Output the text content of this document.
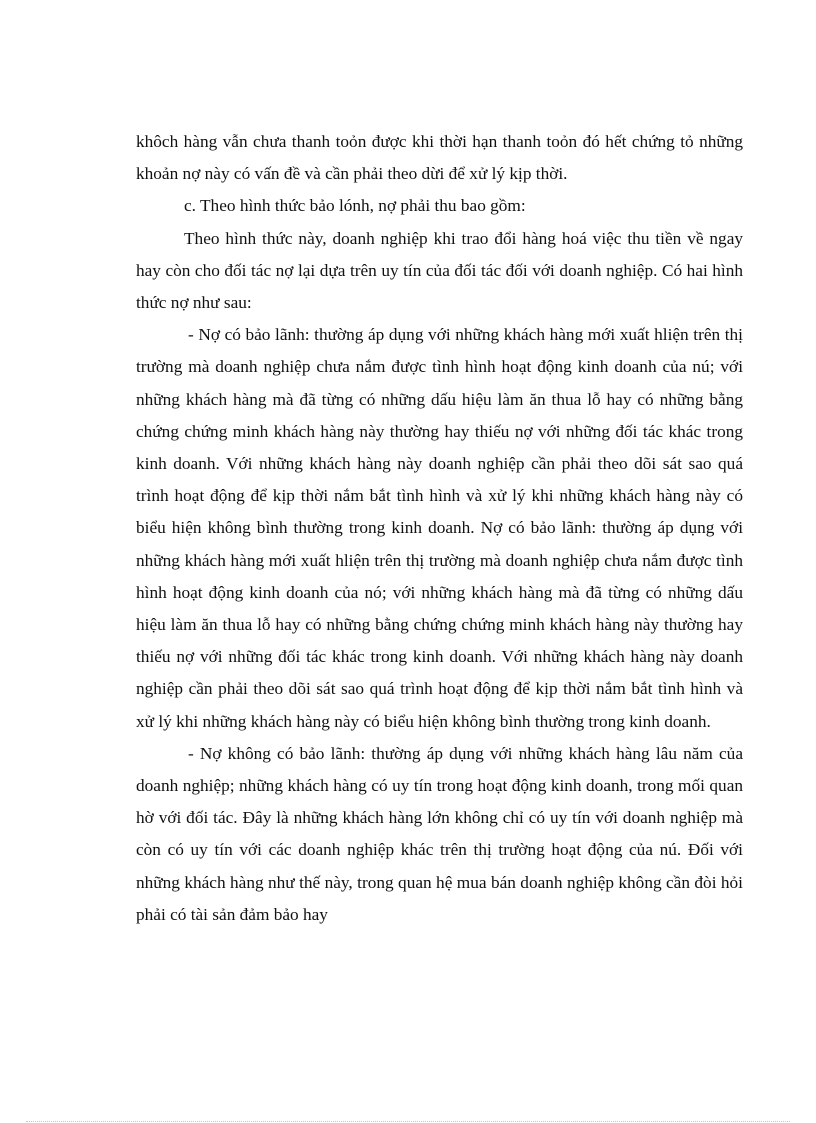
khôch hàng vẫn chưa thanh toỏn được khi thời hạn thanh toỏn đó hết chứng tỏ những khoản nợ này có vấn đề và cần phải theo dừi để xử lý kịp thời.

c. Theo hình thức bảo lónh, nợ phải thu bao gồm:

Theo hình thức này, doanh nghiệp khi trao đổi hàng hoá việc thu tiền về ngay hay còn cho đối tác nợ lại dựa trên uy tín của đối tác đối với doanh nghiệp. Có hai hình thức nợ như sau:

- Nợ có bảo lãnh: thường áp dụng với những khách hàng mới xuất hliện trên thị trường mà doanh nghiệp chưa nắm được tình hình hoạt động kinh doanh của nú; với những khách hàng mà đã từng có những dấu hiệu làm ăn thua lỗ hay có những bằng chứng chứng minh khách hàng này thường hay thiếu nợ với những đối tác khác trong kinh doanh. Với những khách hàng này doanh nghiệp cần phải theo dõi sát sao quá trình hoạt động để kịp thời nắm bắt tình hình và xử lý khi những khách hàng này có biểu hiện không bình thường trong kinh doanh. Nợ có bảo lãnh: thường áp dụng với những khách hàng mới xuất hliện trên thị trường mà doanh nghiệp chưa nắm được tình hình hoạt động kinh doanh của nó; với những khách hàng mà đã từng có những dấu hiệu làm ăn thua lỗ hay có những bằng chứng chứng minh khách hàng này thường hay thiếu nợ với những đối tác khác trong kinh doanh. Với những khách hàng này doanh nghiệp cần phải theo dõi sát sao quá trình hoạt động để kịp thời nắm bắt tình hình và xử lý khi những khách hàng này có biểu hiện không bình thường trong kinh doanh.

- Nợ không có bảo lãnh: thường áp dụng với những khách hàng lâu năm của doanh nghiệp; những khách hàng có uy tín trong hoạt động kinh doanh, trong mối quan hờ với đối tác. Đây là những khách hàng lớn không chỉ có uy tín với doanh nghiệp mà còn có uy tín với các doanh nghiệp khác trên thị trường hoạt động của nú. Đối với những khách hàng như thế này, trong quan hệ mua bán doanh nghiệp không cần đòi hỏi phải có tài sản đảm bảo hay
